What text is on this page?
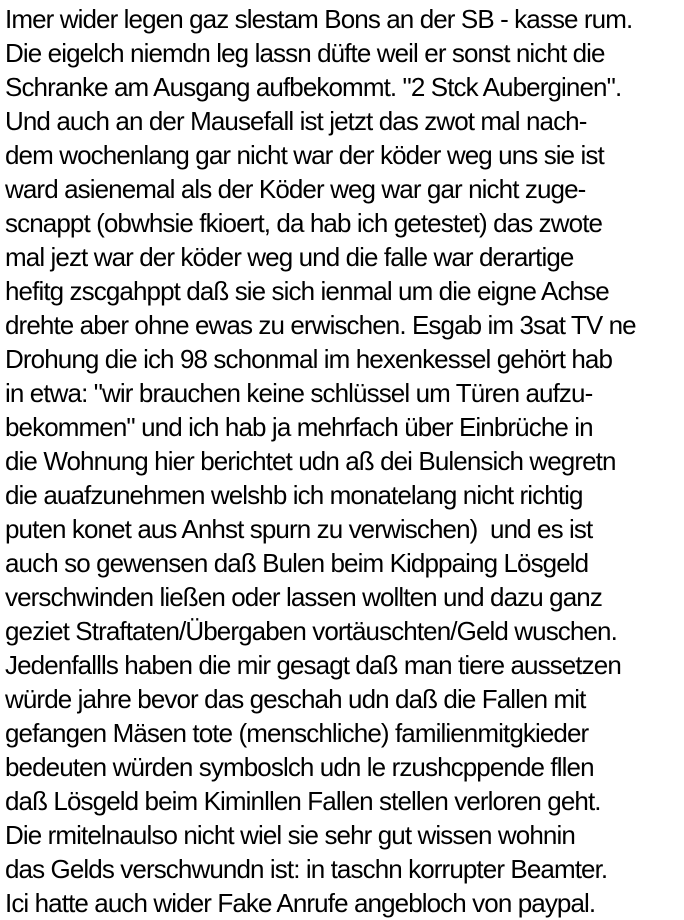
Imer wider legen gaz slestam Bons an der SB - kasse rum.
Die eigelch niemdn leg lassn düfte weil er sonst nicht die
Schranke am Ausgang aufbekommt. "2 Stck Auberginen".
Und auch an der Mausefall ist jetzt das zwot mal nach-
dem wochenlang gar nicht war der köder weg uns sie ist
ward asienemal als der Köder weg war gar nicht zuge-
scnappt (obwhsie fkioert, da hab ich getestet) das zwote
mal jezt war der köder weg und die falle war derartige
hefitg zscgahppt daß sie sich ienmal um die eigne Achse
drehte aber ohne ewas zu erwischen. Esgab im 3sat TV ne
Drohung die ich 98 schonmal im hexenkessel gehört hab
in etwa: "wir brauchen keine schlüssel um Türen aufzu-
bekommen" und ich hab ja mehrfach über Einbrüche in
die Wohnung hier berichtet udn aß dei Bulensich wegretn
die auafzunehmen welshb ich monatelang nicht richtig
puten konet aus Anhst spurn zu verwischen)  und es ist
auch so gewensen daß Bulen beim Kidppaing Lösgeld
verschwinden ließen oder lassen wollten und dazu ganz
geziet Straftaten/Übergaben vortäuschten/Geld wuschen.
Jedenfallls haben die mir gesagt daß man tiere aussetzen
würde jahre bevor das geschah udn daß die Fallen mit
gefangen Mäsen tote (menschliche) familienmitgkieder
bedeuten würden symboslch udn le rzushcppende fllen
daß Lösgeld beim Kiminllen Fallen stellen verloren geht.
Die rmitelnaulso nicht wiel sie sehr gut wissen wohnin
das Gelds verschwundn ist: in taschn korrupter Beamter.
Ici hatte auch wider Fake Anrufe angebloch von paypal.
